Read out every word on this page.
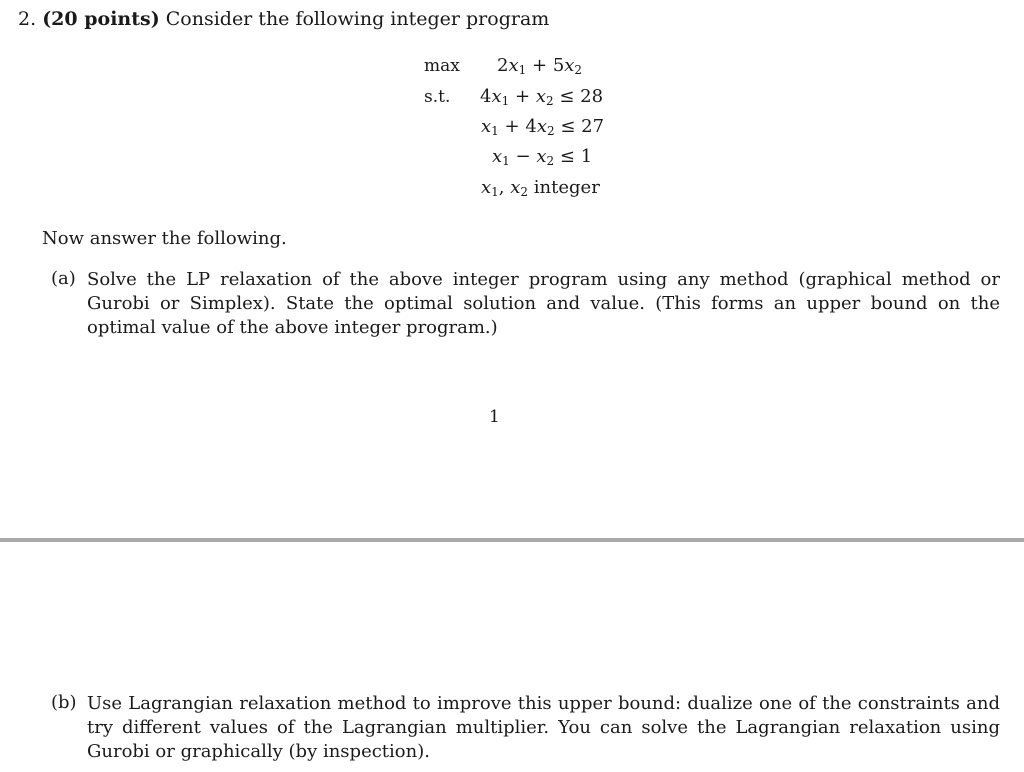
2. (20 points) Consider the following integer program
max
s.t.
$2x_1 + 5x_2$
$4x_1 + x_2 \le 28$
$x_1 + 4x_2 \le 27$
$x_1 - x_2 \le 1$
$x_1$, $x_2$ integer
Now answer the following.
(a) Solve the LP relaxation of the above integer program using any method (graphical method or Gurobi or Simplex). State the optimal solution and value. (This forms an upper bound on the optimal value of the above integer program.)
1
(b) Use Lagrangian relaxation method to improve this upper bound: dualize one of the constraints and try different values of the Lagrangian multiplier. You can solve the Lagrangian relaxation using Gurobi or graphically (by inspection).
